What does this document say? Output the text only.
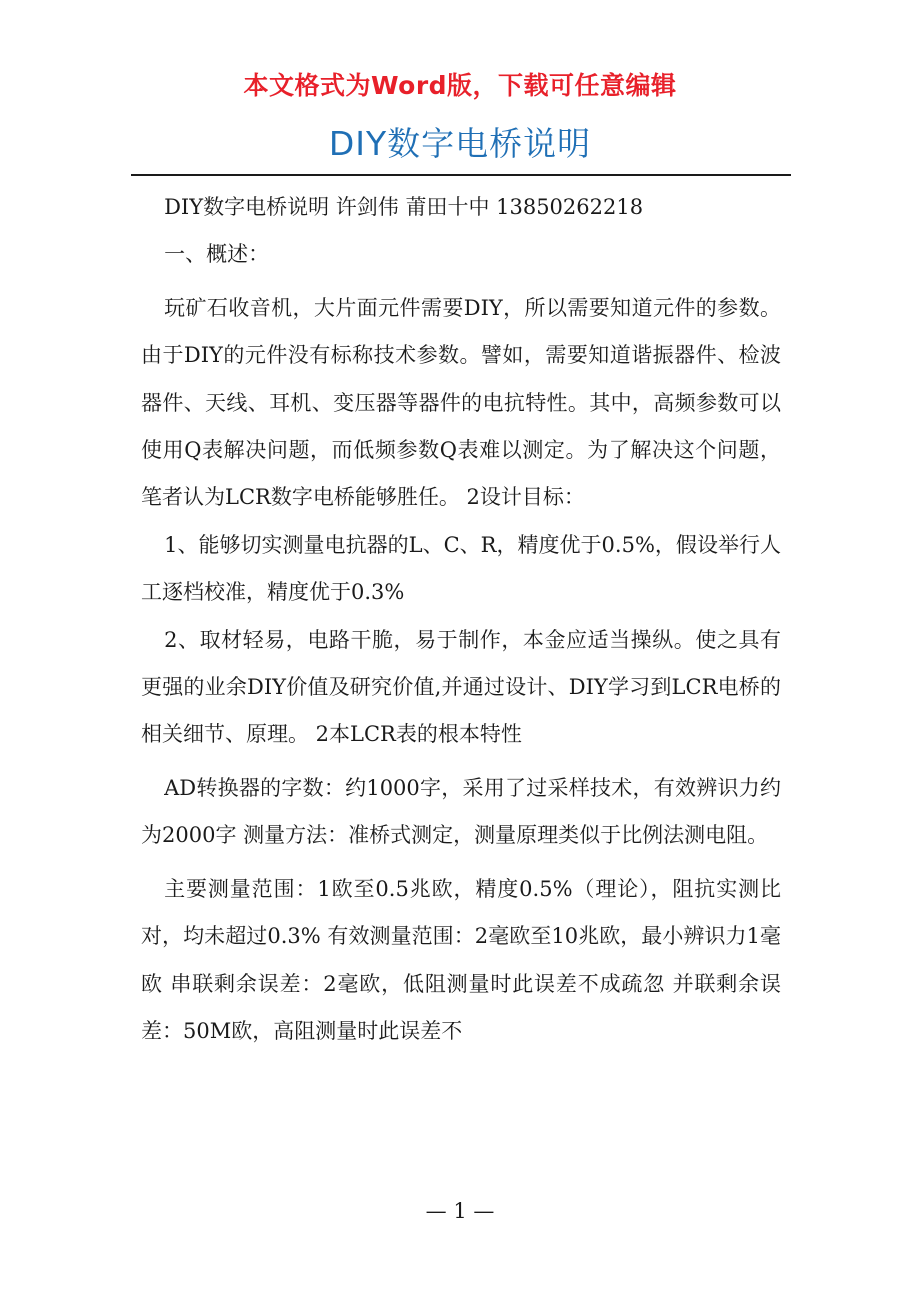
本文格式为Word版，下载可任意编辑
DIY数字电桥说明

DIY数字电桥说明 许剑伟 莆田十中 13850262218

一、概述：

玩矿石收音机，大片面元件需要DIY，所以需要知道元件的参数。由于DIY的元件没有标称技术参数。譬如，需要知道谐振器件、检波器件、天线、耳机、变压器等器件的电抗特性。其中，高频参数可以使用Q表解决问题，而低频参数Q表难以测定。为了解决这个问题，笔者认为LCR数字电桥能够胜任。 2设计目标：

1、能够切实测量电抗器的L、C、R，精度优于0.5%，假设举行人工逐档校准，精度优于0.3%

2、取材轻易，电路干脆，易于制作，本金应适当操纵。使之具有更强的业余DIY价值及研究价值,并通过设计、DIY学习到LCR电桥的相关细节、原理。 2本LCR表的根本特性

AD转换器的字数：约1000字，采用了过采样技术，有效辨识力约为2000字 测量方法：准桥式测定，测量原理类似于比例法测电阻。

主要测量范围：1欧至0.5兆欧，精度0.5%（理论），阻抗实测比对，均未超过0.3% 有效测量范围：2毫欧至10兆欧，最小辨识力1毫欧 串联剩余误差：2毫欧，低阻测量时此误差不成疏忽 并联剩余误差：50M欧，高阻测量时此误差不

— 1 —
